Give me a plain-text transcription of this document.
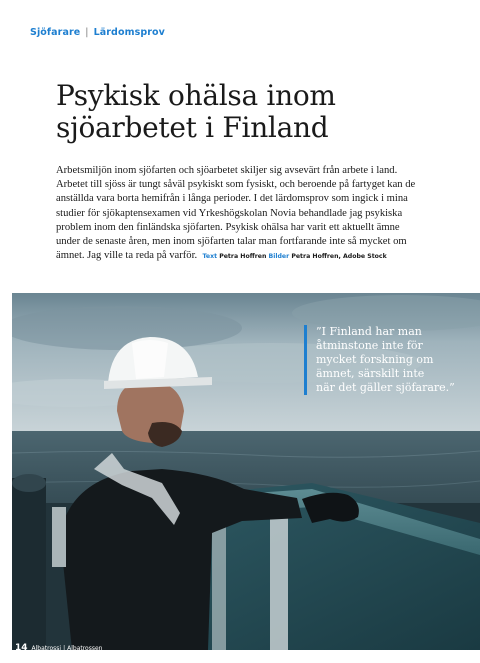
Sjöfarare | Lärdomsprov
Psykisk ohälsa inom
sjöarbetet i Finland
Arbetsmiljön inom sjöfarten och sjöarbetet skiljer sig avsevärt från arbete i land.
Arbetet till sjöss är tungt såväl psykiskt som fysiskt, och beroende på fartyget kan de
anställda vara borta hemifrån i långa perioder. I det lärdomsprov som ingick i mina
studier för sjökaptensexamen vid Yrkeshögskolan Novia behandlade jag psykiska
problem inom den finländska sjöfarten. Psykisk ohälsa har varit ett aktuellt ämne
under de senaste åren, men inom sjöfarten talar man fortfarande inte så mycket om
ämnet. Jag ville ta reda på varför. Text Petra Hoffren Bilder Petra Hoffren, Adobe Stock
”I Finland har man
åtminstone inte för
mycket forskning om
ämnet, särskilt inte
när det gäller sjöfarare.”
14 Albatrossi | Albatrossen
